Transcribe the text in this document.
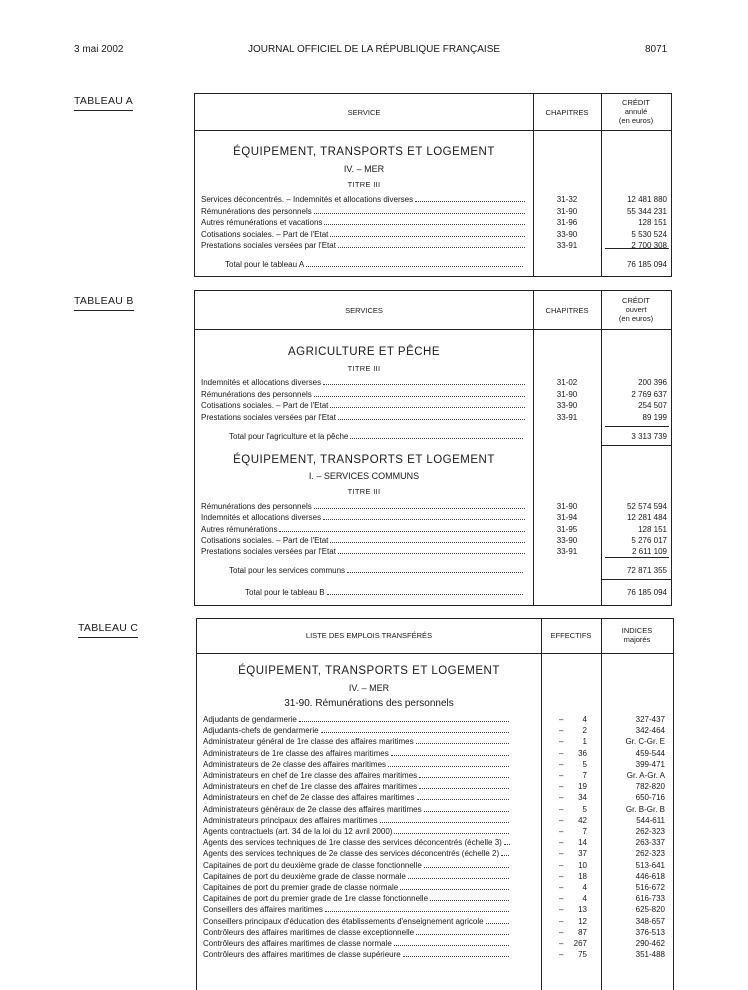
3 mai 2002	JOURNAL OFFICIEL DE LA RÉPUBLIQUE FRANÇAISE	8071
TABLEAU A
SERVICE	CHAPITRES
CRÉDIT
annulé
(en euros)
ÉQUIPEMENT, TRANSPORTS ET LOGEMENT
IV. – MER
TITRE III
Services déconcentrés. – Indemnités et allocations diverses	31-32	12 481 880
Rémunérations des personnels	31-90	55 344 231
Autres rémunérations et vacations	31-96	128 151
Cotisations sociales. – Part de l'Etat	33-90	5 530 524
Prestations sociales versées par l'Etat	33-91	2 700 308
Total pour le tableau A	76 185 094
TABLEAU B
SERVICES	CHAPITRES
CRÉDIT
ouvert
(en euros)
AGRICULTURE ET PÊCHE
TITRE III
Indemnités et allocations diverses	31-02	200 396
Rémunérations des personnels	31-90	2 769 637
Cotisations sociales. – Part de l'Etat	33-90	254 507
Prestations sociales versées par l'Etat	33-91	89 199
Total pour l'agriculture et la pêche	3 313 739
ÉQUIPEMENT, TRANSPORTS ET LOGEMENT
I. – SERVICES COMMUNS
TITRE III
Rémunérations des personnels	31-90	52 574 594
Indemnités et allocations diverses	31-94	12 281 484
Autres rémunérations	31-95	128 151
Cotisations sociales. – Part de l'Etat	33-90	5 276 017
Prestations sociales versées par l'Etat	33-91	2 611 109
Total pour les services communs	72 871 355
Total pour le tableau B	76 185 094
TABLEAU C
LISTE DES EMPLOIS TRANSFÉRÉS	EFFECTIFS
INDICES
majorés
ÉQUIPEMENT, TRANSPORTS ET LOGEMENT
IV. – MER
31-90. Rémunérations des personnels
Adjudants de gendarmerie	–	4	327-437
Adjudants-chefs de gendarmerie	–	2	342-464
Administrateur général de 1re classe des affaires maritimes	–	1	Gr. C-Gr. E
Administrateurs de 1re classe des affaires maritimes	–	36	459-544
Administrateurs de 2e classe des affaires maritimes	–	5	399-471
Administrateurs en chef de 1re classe des affaires maritimes	–	7	Gr. A-Gr. A
Administrateurs en chef de 1re classe des affaires maritimes	–	19	782-820
Administrateurs en chef de 2e classe des affaires maritimes	–	34	650-716
Administrateurs généraux de 2e classe des affaires maritimes	–	5	Gr. B-Gr. B
Administrateurs principaux des affaires maritimes	–	42	544-611
Agents contractuels (art. 34 de la loi du 12 avril 2000)	–	7	262-323
Agents des services techniques de 1re classe des services déconcentrés (échelle 3)	–	14	263-337
Agents des services techniques de 2e classe des services déconcentrés (échelle 2)	–	37	262-323
Capitaines de port du deuxième grade de classe fonctionnelle	–	10	513-641
Capitaines de port du deuxième grade de classe normale	–	18	446-618
Capitaines de port du premier grade de classe normale	–	4	516-672
Capitaines de port du premier grade de 1re classe fonctionnelle	–	4	616-733
Conseillers des affaires maritimes	–	13	625-820
Conseillers principaux d'éducation des établissements d'enseignement agricole	–	12	348-657
Contrôleurs des affaires maritimes de classe exceptionnelle	–	87	376-513
Contrôleurs des affaires maritimes de classe normale	–	267	290-462
Contrôleurs des affaires maritimes de classe supérieure	–	75	351-488
